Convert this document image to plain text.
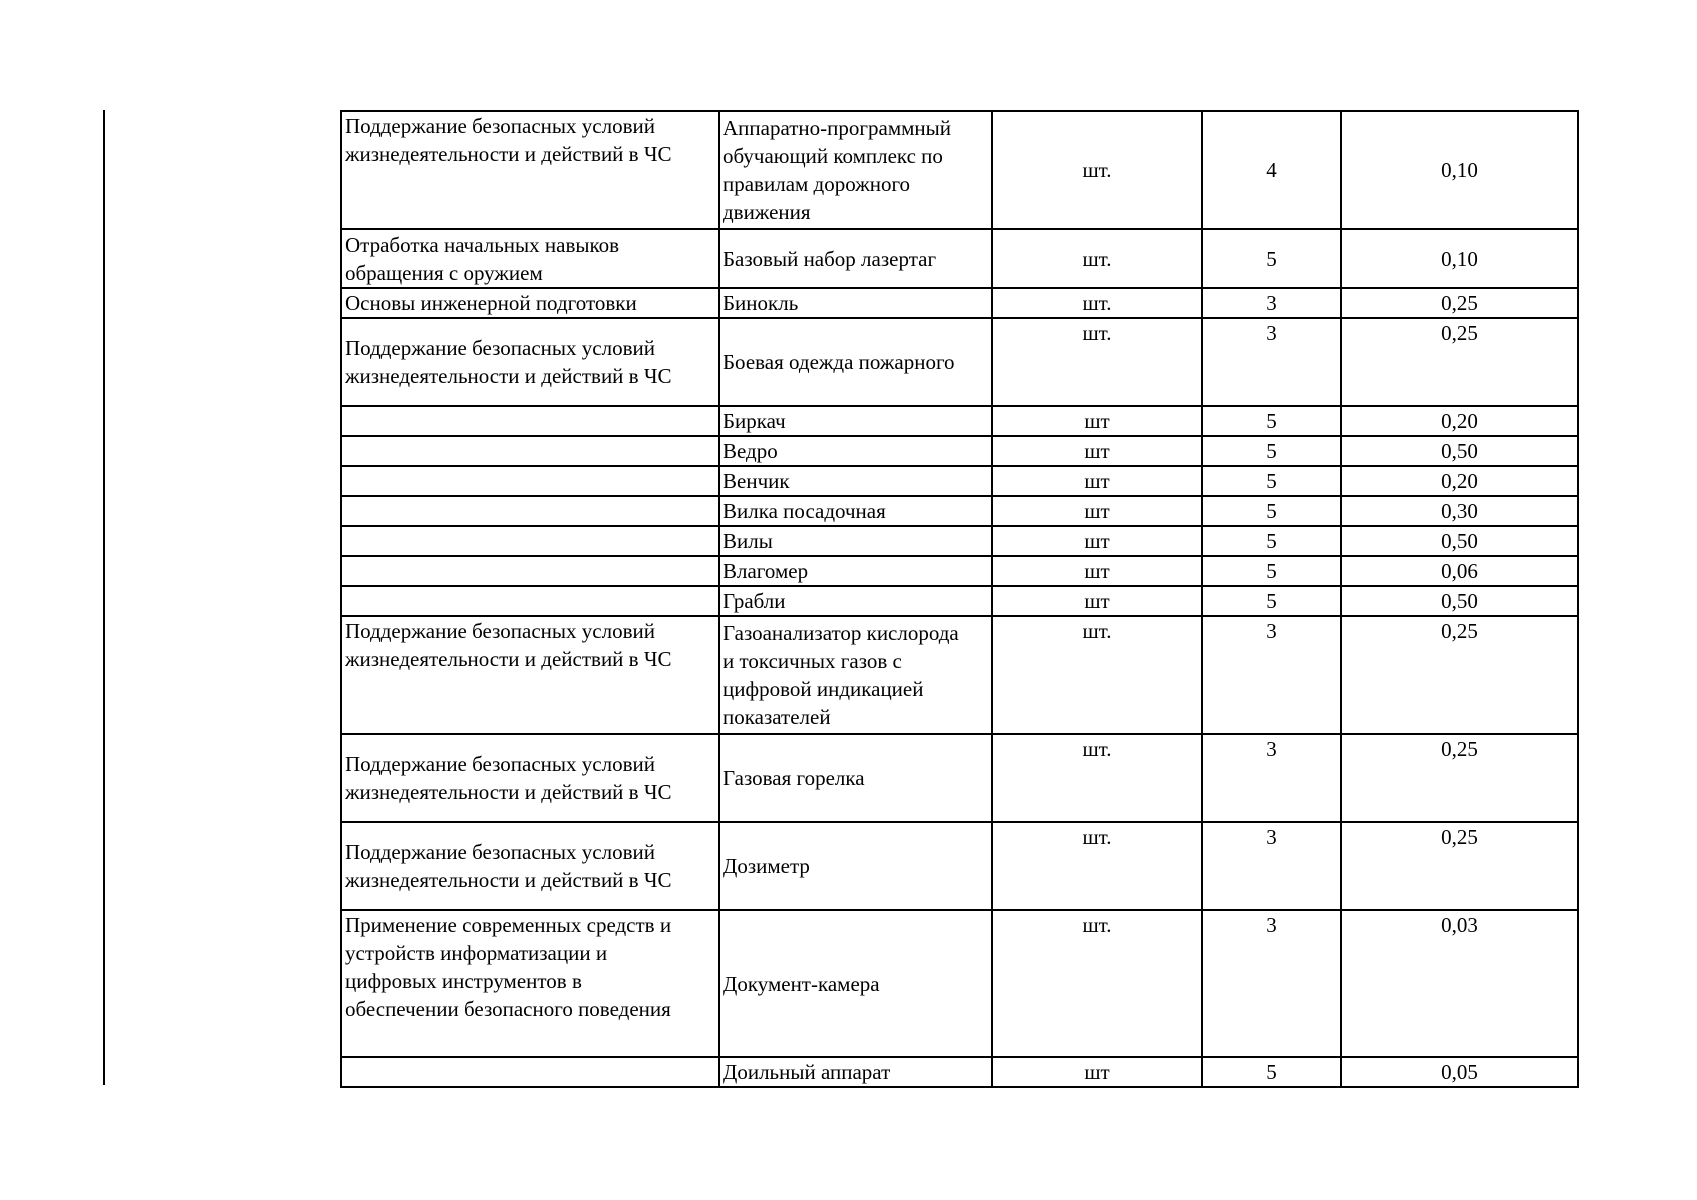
Поддержание безопасных условий
жизнедеятельности и действий в ЧС	Аппаратно-программный
обучающий комплекс по
правилам дорожного
движения	шт.	4	0,10
Отработка начальных навыков
обращения с оружием	Базовый набор лазертаг	шт.	5	0,10
Основы инженерной подготовки	Бинокль	шт.	3	0,25
Поддержание безопасных условий
жизнедеятельности и действий в ЧС	Боевая одежда пожарного	шт.	3	0,25
	Биркач	шт	5	0,20
	Ведро	шт	5	0,50
	Венчик	шт	5	0,20
	Вилка посадочная	шт	5	0,30
	Вилы	шт	5	0,50
	Влагомер	шт	5	0,06
	Грабли	шт	5	0,50
Поддержание безопасных условий
жизнедеятельности и действий в ЧС	Газоанализатор кислорода
и токсичных газов с
цифровой индикацией
показателей	шт.	3	0,25
Поддержание безопасных условий
жизнедеятельности и действий в ЧС	Газовая горелка	шт.	3	0,25
Поддержание безопасных условий
жизнедеятельности и действий в ЧС	Дозиметр	шт.	3	0,25
Применение современных средств и
устройств информатизации и
цифровых инструментов в
обеспечении безопасного поведения	Документ-камера	шт.	3	0,03
	Доильный аппарат	шт	5	0,05
